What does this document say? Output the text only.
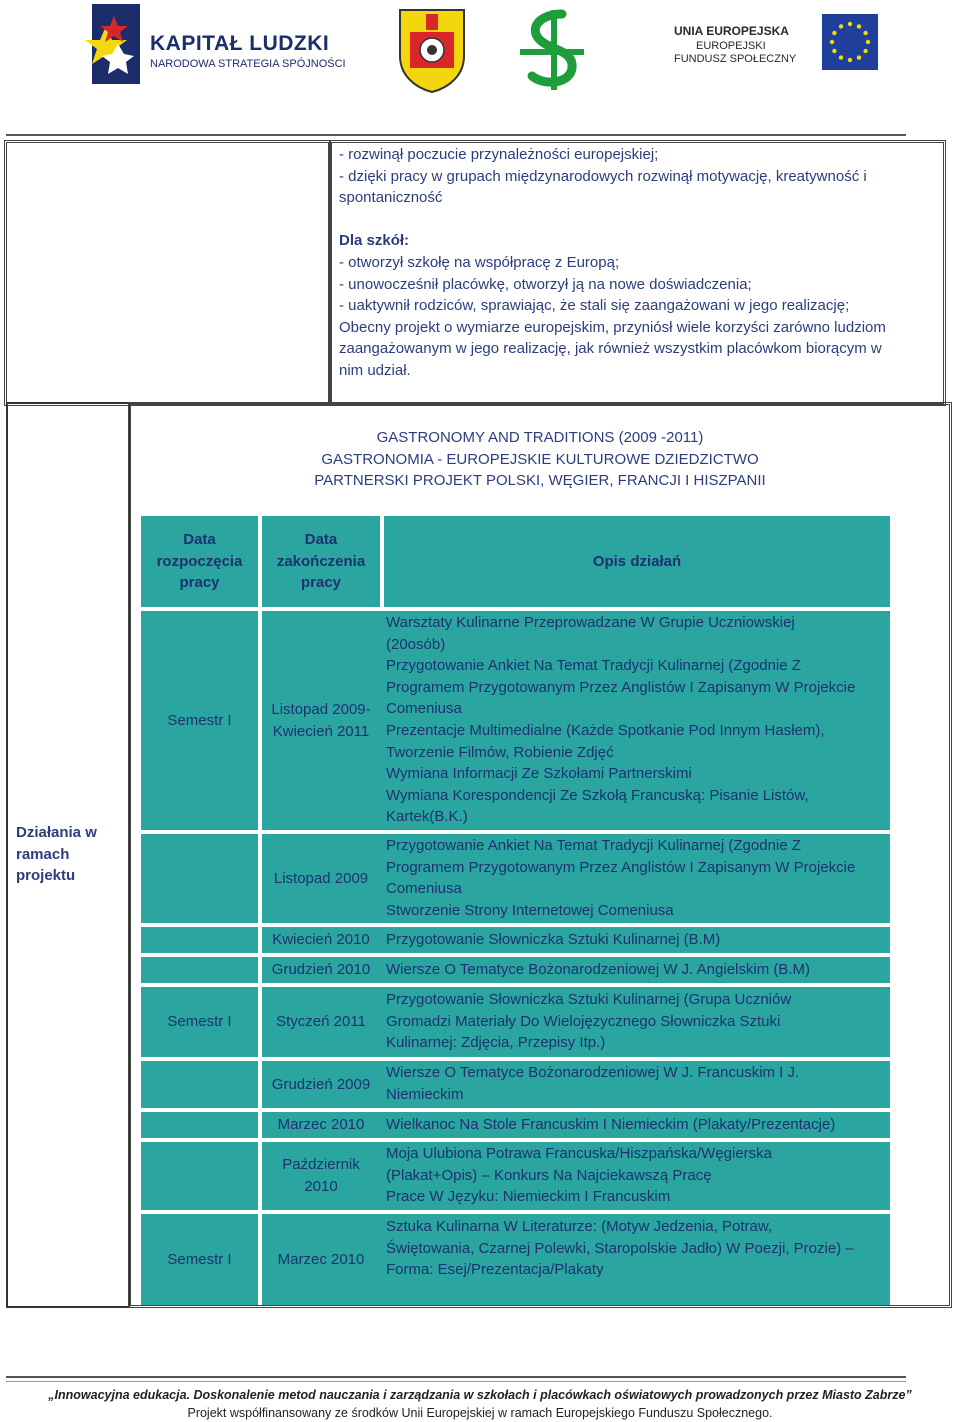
KAPITAŁ LUDZKI
NARODOWA STRATEGIA SPÓJNOŚCI
UNIA EUROPEJSKA
EUROPEJSKI
FUNDUSZ SPOŁECZNY
- rozwinął poczucie przynależności europejskiej;
- dzięki pracy w grupach międzynarodowych rozwinął motywację, kreatywność i
spontaniczność
Dla szkół:
- otworzył szkołę na współpracę z Europą;
- unowocześnił placówkę, otworzył ją na nowe doświadczenia;
- uaktywnił rodziców, sprawiając, że stali się zaangażowani w jego realizację;
Obecny projekt o wymiarze europejskim, przyniósł wiele korzyści zarówno ludziom
zaangażowanym w jego realizację, jak również wszystkim placówkom biorącym w
nim udział.
GASTRONOMY AND TRADITIONS (2009 -2011)
GASTRONOMIA - EUROPEJSKIE KULTUROWE DZIEDZICTWO
PARTNERSKI PROJEKT POLSKI, WĘGIER, FRANCJI I HISZPANII
Działania w
ramach
projektu
Data
rozpoczęcia
pracy
Data
zakończenia
pracy
Opis działań
Semestr I
Semestr I
Semestr I
Listopad 2009-
Kwiecień 2011
Listopad 2009
Kwiecień 2010
Grudzień 2010
Styczeń 2011
Grudzień 2009
Marzec 2010
Październik
2010
Marzec 2010
Warsztaty Kulinarne Przeprowadzane W Grupie Uczniowskiej
(20osób)
Przygotowanie Ankiet Na Temat Tradycji Kulinarnej (Zgodnie Z
Programem Przygotowanym Przez Anglistów I Zapisanym W Projekcie
Comeniusa
Prezentacje Multimedialne (Każde Spotkanie Pod Innym Hasłem),
Tworzenie Filmów, Robienie Zdjęć
Wymiana Informacji Ze Szkołami Partnerskimi
Wymiana Korespondencji Ze Szkołą Francuską: Pisanie Listów,
Kartek(B.K.)
Przygotowanie Ankiet Na Temat Tradycji Kulinarnej (Zgodnie Z
Programem Przygotowanym Przez Anglistów I Zapisanym W Projekcie
Comeniusa
Stworzenie Strony Internetowej Comeniusa
Przygotowanie Słowniczka Sztuki Kulinarnej (B.M)
Wiersze O Tematyce Bożonarodzeniowej W J. Angielskim (B.M)
Przygotowanie Słowniczka Sztuki Kulinarnej (Grupa Uczniów
Gromadzi Materiały Do Wielojęzycznego Słowniczka Sztuki
Kulinarnej: Zdjęcia, Przepisy Itp.)
Wiersze O Tematyce Bożonarodzeniowej W J. Francuskim I J.
Niemieckim
Wielkanoc Na Stole Francuskim I Niemieckim (Plakaty/Prezentacje)
Moja Ulubiona Potrawa Francuska/Hiszpańska/Węgierska
(Plakat+Opis) – Konkurs Na Najciekawszą Pracę
Prace W Języku: Niemieckim I Francuskim
Sztuka Kulinarna W Literaturze: (Motyw Jedzenia, Potraw,
Świętowania, Czarnej Polewki, Staropolskie Jadło) W Poezji, Prozie) –
Forma: Esej/Prezentacja/Plakaty
„Innowacyjna edukacja. Doskonalenie metod nauczania i zarządzania w szkołach i placówkach oświatowych prowadzonych przez Miasto Zabrze”
Projekt współfinansowany ze środków Unii Europejskiej w ramach Europejskiego Funduszu Społecznego.
